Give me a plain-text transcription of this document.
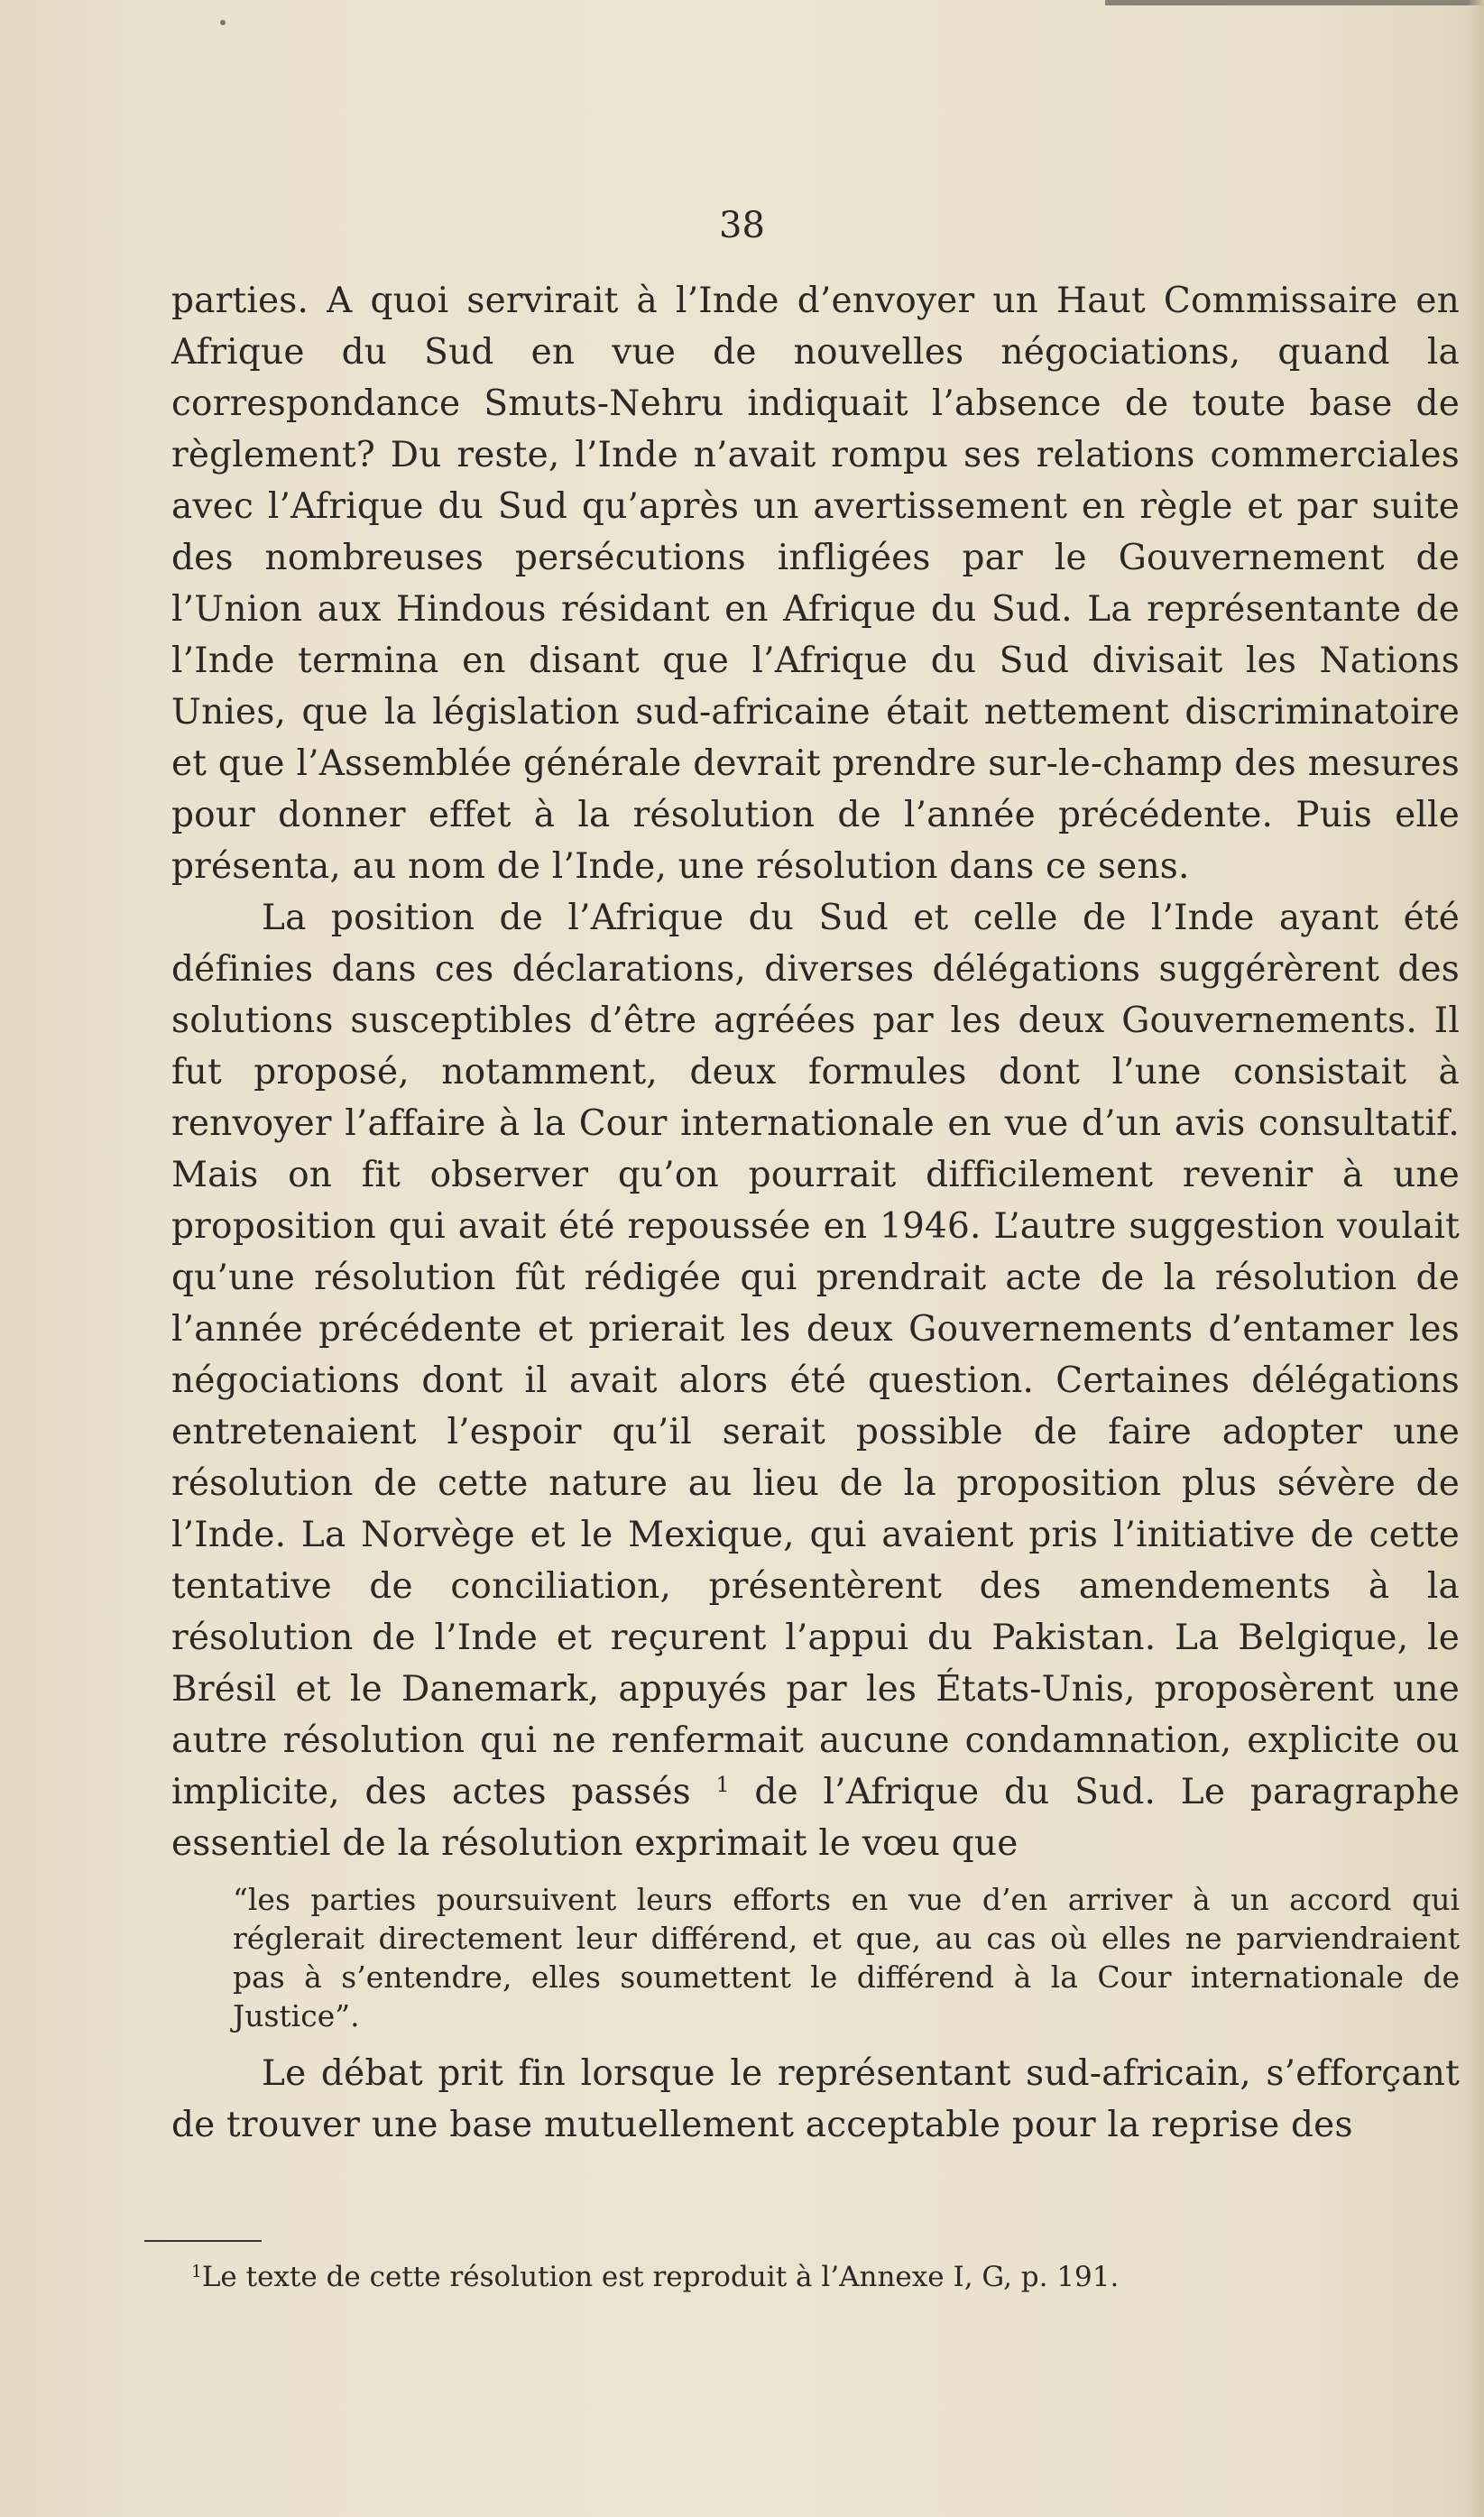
38

parties. A quoi servirait à l’Inde d’envoyer un Haut Commissaire en Afrique du Sud en vue de nouvelles négociations, quand la correspondance Smuts-Nehru indiquait l’absence de toute base de règlement? Du reste, l’Inde n’avait rompu ses relations commerciales avec l’Afrique du Sud qu’après un avertissement en règle et par suite des nombreuses persécutions infligées par le Gouvernement de l’Union aux Hindous résidant en Afrique du Sud. La représentante de l’Inde termina en disant que l’Afrique du Sud divisait les Nations Unies, que la législation sud-africaine était nettement discriminatoire et que l’Assemblée générale devrait prendre sur-le-champ des mesures pour donner effet à la résolution de l’année précédente. Puis elle présenta, au nom de l’Inde, une résolution dans ce sens.

La position de l’Afrique du Sud et celle de l’Inde ayant été définies dans ces déclarations, diverses délégations suggérèrent des solutions susceptibles d’être agréées par les deux Gouvernements. Il fut proposé, notamment, deux formules dont l’une consistait à renvoyer l’affaire à la Cour internationale en vue d’un avis consultatif. Mais on fit observer qu’on pourrait difficilement revenir à une proposition qui avait été repoussée en 1946. L’autre suggestion voulait qu’une résolution fût rédigée qui prendrait acte de la résolution de l’année précédente et prierait les deux Gouvernements d’entamer les négociations dont il avait alors été question. Certaines délégations entretenaient l’espoir qu’il serait possible de faire adopter une résolution de cette nature au lieu de la proposition plus sévère de l’Inde. La Norvège et le Mexique, qui avaient pris l’initiative de cette tentative de conciliation, présentèrent des amendements à la résolution de l’Inde et reçurent l’appui du Pakistan. La Belgique, le Brésil et le Danemark, appuyés par les États-Unis, proposèrent une autre résolution qui ne renfermait aucune condamnation, explicite ou implicite, des actes passés $^1$ de l’Afrique du Sud. Le paragraphe essentiel de la résolution exprimait le vœu que

“les parties poursuivent leurs efforts en vue d’en arriver à un accord qui réglerait directement leur différend, et que, au cas où elles ne parviendraient pas à s’entendre, elles soumettent le différend à la Cour internationale de Justice”.

Le débat prit fin lorsque le représentant sud-africain, s’efforçant de trouver une base mutuellement acceptable pour la reprise des

$^1$Le texte de cette résolution est reproduit à l’Annexe I, G, p. 191.
